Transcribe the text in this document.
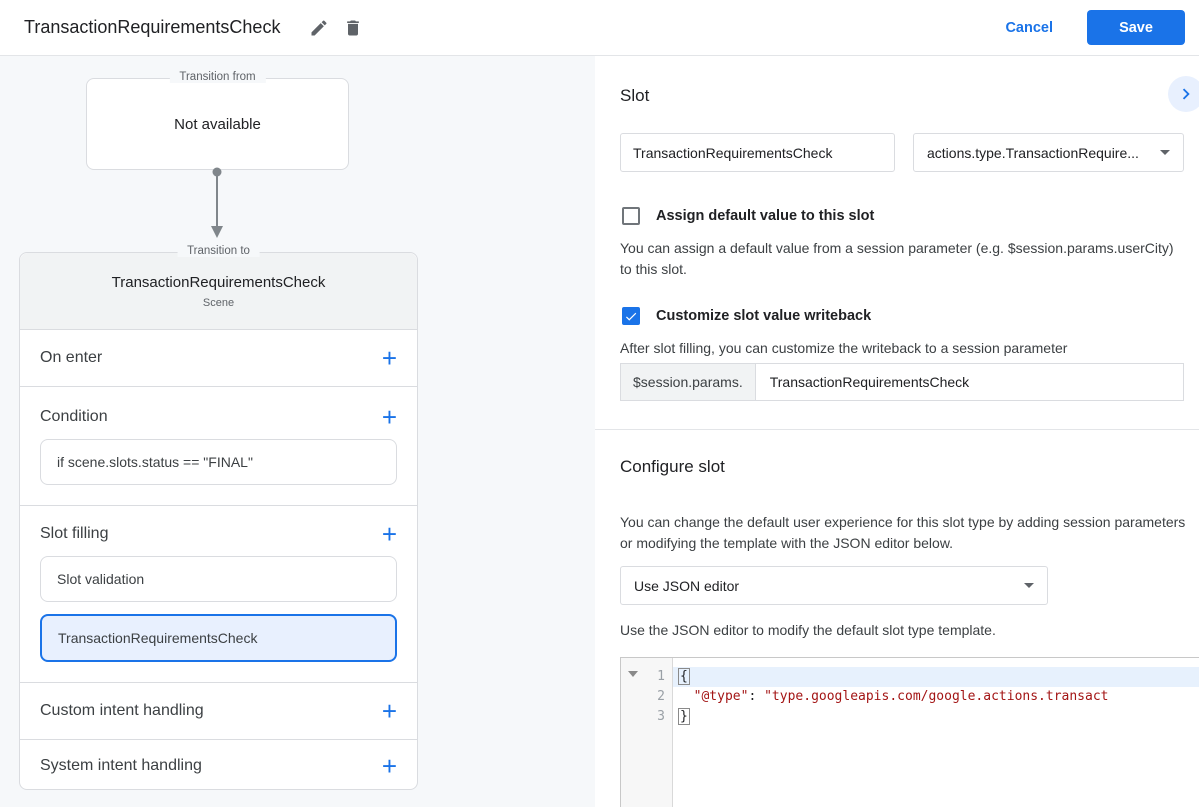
TransactionRequirementsCheck	Cancel	Save
Transition from
Not available
Transition to
TransactionRequirementsCheck
Scene
On enter	+
Condition	+
if scene.slots.status == "FINAL"
Slot filling	+
Slot validation
TransactionRequirementsCheck
Custom intent handling	+
System intent handling	+
Slot
TransactionRequirementsCheck
actions.type.TransactionRequire...
Assign default value to this slot

You can assign a default value from a session parameter (e.g. $session.params.userCity) to this slot.

Customize slot value writeback

After slot filling, you can customize the writeback to a session parameter

$session.params.	TransactionRequirementsCheck
Configure slot

You can change the default user experience for this slot type by adding session parameters or modifying the template with the JSON editor below.

Use JSON editor

Use the JSON editor to modify the default slot type template.

1
2
3
{
"@type": "type.googleapis.com/google.actions.transact
}
